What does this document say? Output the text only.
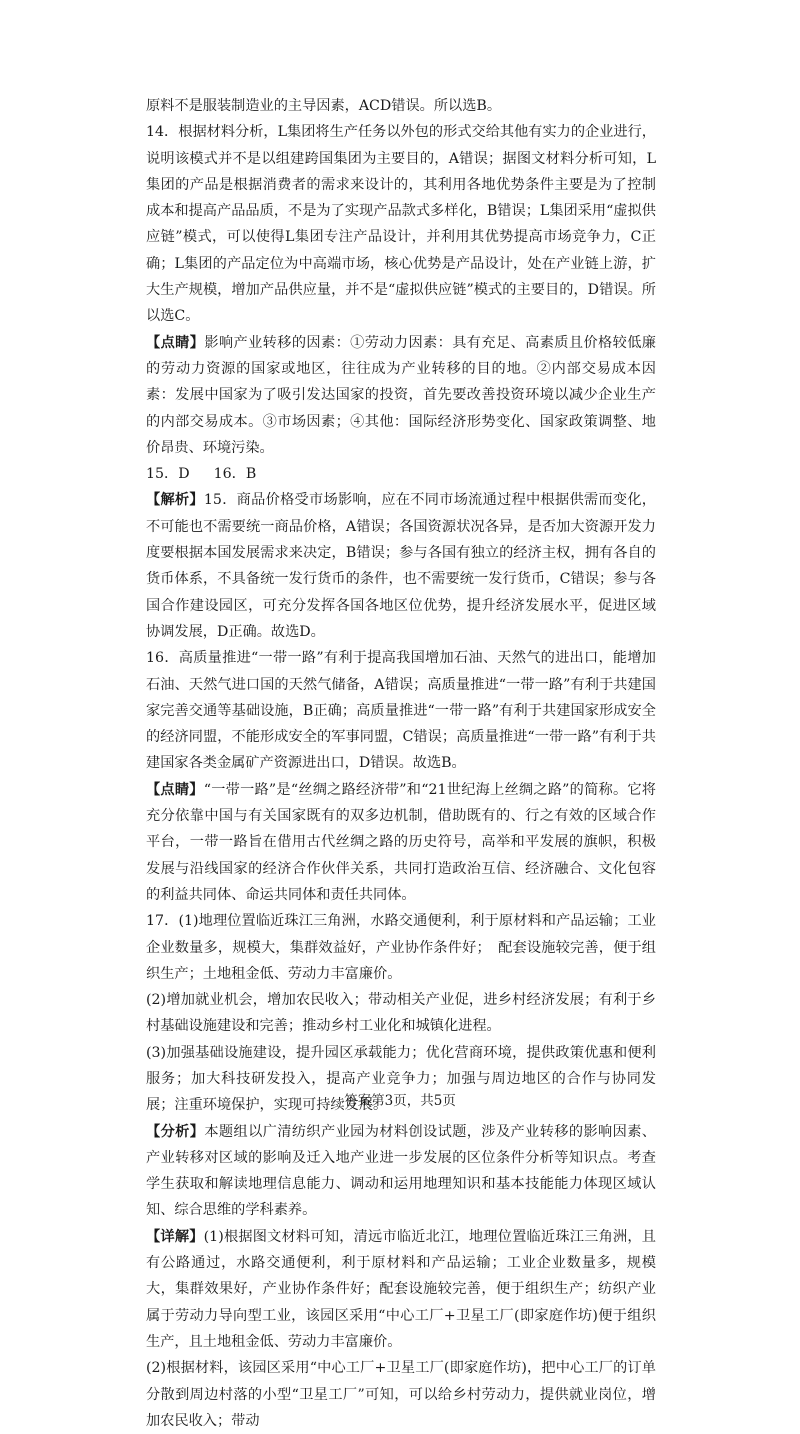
原料不是服装制造业的主导因素，ACD错误。所以选B。

14．根据材料分析，L集团将生产任务以外包的形式交给其他有实力的企业进行，说明该模式并不是以组建跨国集团为主要目的，A错误；据图文材料分析可知，L集团的产品是根据消费者的需求来设计的，其利用各地优势条件主要是为了控制成本和提高产品品质，不是为了实现产品款式多样化，B错误；L集团采用“虚拟供应链”模式，可以使得L集团专注产品设计，并利用其优势提高市场竞争力，C正确；L集团的产品定位为中高端市场，核心优势是产品设计，处在产业链上游，扩大生产规模，增加产品供应量，并不是“虚拟供应链”模式的主要目的，D错误。所以选C。

【点睛】影响产业转移的因素：①劳动力因素：具有充足、高素质且价格较低廉的劳动力资源的国家或地区，往往成为产业转移的目的地。②内部交易成本因素：发展中国家为了吸引发达国家的投资，首先要改善投资环境以减少企业生产的内部交易成本。③市场因素；④其他：国际经济形势变化、国家政策调整、地价昂贵、环境污染。

15．D 16．B

【解析】15．商品价格受市场影响，应在不同市场流通过程中根据供需而变化，不可能也不需要统一商品价格，A错误；各国资源状况各异，是否加大资源开发力度要根据本国发展需求来决定，B错误；参与各国有独立的经济主权，拥有各自的货币体系，不具备统一发行货币的条件，也不需要统一发行货币，C错误；参与各国合作建设园区，可充分发挥各国各地区位优势，提升经济发展水平，促进区域协调发展，D正确。故选D。

16．高质量推进“一带一路”有利于提高我国增加石油、天然气的进出口，能增加石油、天然气进口国的天然气储备，A错误；高质量推进“一带一路”有利于共建国家完善交通等基础设施，B正确；高质量推进“一带一路”有利于共建国家形成安全的经济同盟，不能形成安全的军事同盟，C错误；高质量推进“一带一路”有利于共建国家各类金属矿产资源进出口，D错误。故选B。

【点睛】“一带一路”是“丝绸之路经济带”和“21世纪海上丝绸之路”的简称。它将充分依靠中国与有关国家既有的双多边机制，借助既有的、行之有效的区域合作平台，一带一路旨在借用古代丝绸之路的历史符号，高举和平发展的旗帜，积极发展与沿线国家的经济合作伙伴关系，共同打造政治互信、经济融合、文化包容的利益共同体、命运共同体和责任共同体。

17．(1)地理位置临近珠江三角洲，水路交通便利，利于原材料和产品运输；工业企业数量多，规模大，集群效益好，产业协作条件好；　配套设施较完善，便于组织生产；土地租金低、劳动力丰富廉价。

(2)增加就业机会，增加农民收入；带动相关产业促，进乡村经济发展；有利于乡村基础设施建设和完善；推动乡村工业化和城镇化进程。

(3)加强基础设施建设，提升园区承载能力；优化营商环境，提供政策优惠和便利服务；加大科技研发投入，提高产业竞争力；加强与周边地区的合作与协同发展；注重环境保护，实现可持续发展。

【分析】本题组以广清纺织产业园为材料创设试题，涉及产业转移的影响因素、产业转移对区域的影响及迁入地产业进一步发展的区位条件分析等知识点。考查学生获取和解读地理信息能力、调动和运用地理知识和基本技能能力体现区域认知、综合思维的学科素养。

【详解】(1)根据图文材料可知，清远市临近北江，地理位置临近珠江三角洲，且有公路通过，水路交通便利，利于原材料和产品运输；工业企业数量多，规模大，集群效果好，产业协作条件好；配套设施较完善，便于组织生产；纺织产业属于劳动力导向型工业，该园区采用“中心工厂+卫星工厂(即家庭作坊)便于组织生产，且土地租金低、劳动力丰富廉价。

(2)根据材料，该园区采用“中心工厂+卫星工厂(即家庭作坊)，把中心工厂的订单分散到周边村落的小型“卫星工厂”可知，可以给乡村劳动力，提供就业岗位，增加农民收入；带动

答案第3页，共5页
